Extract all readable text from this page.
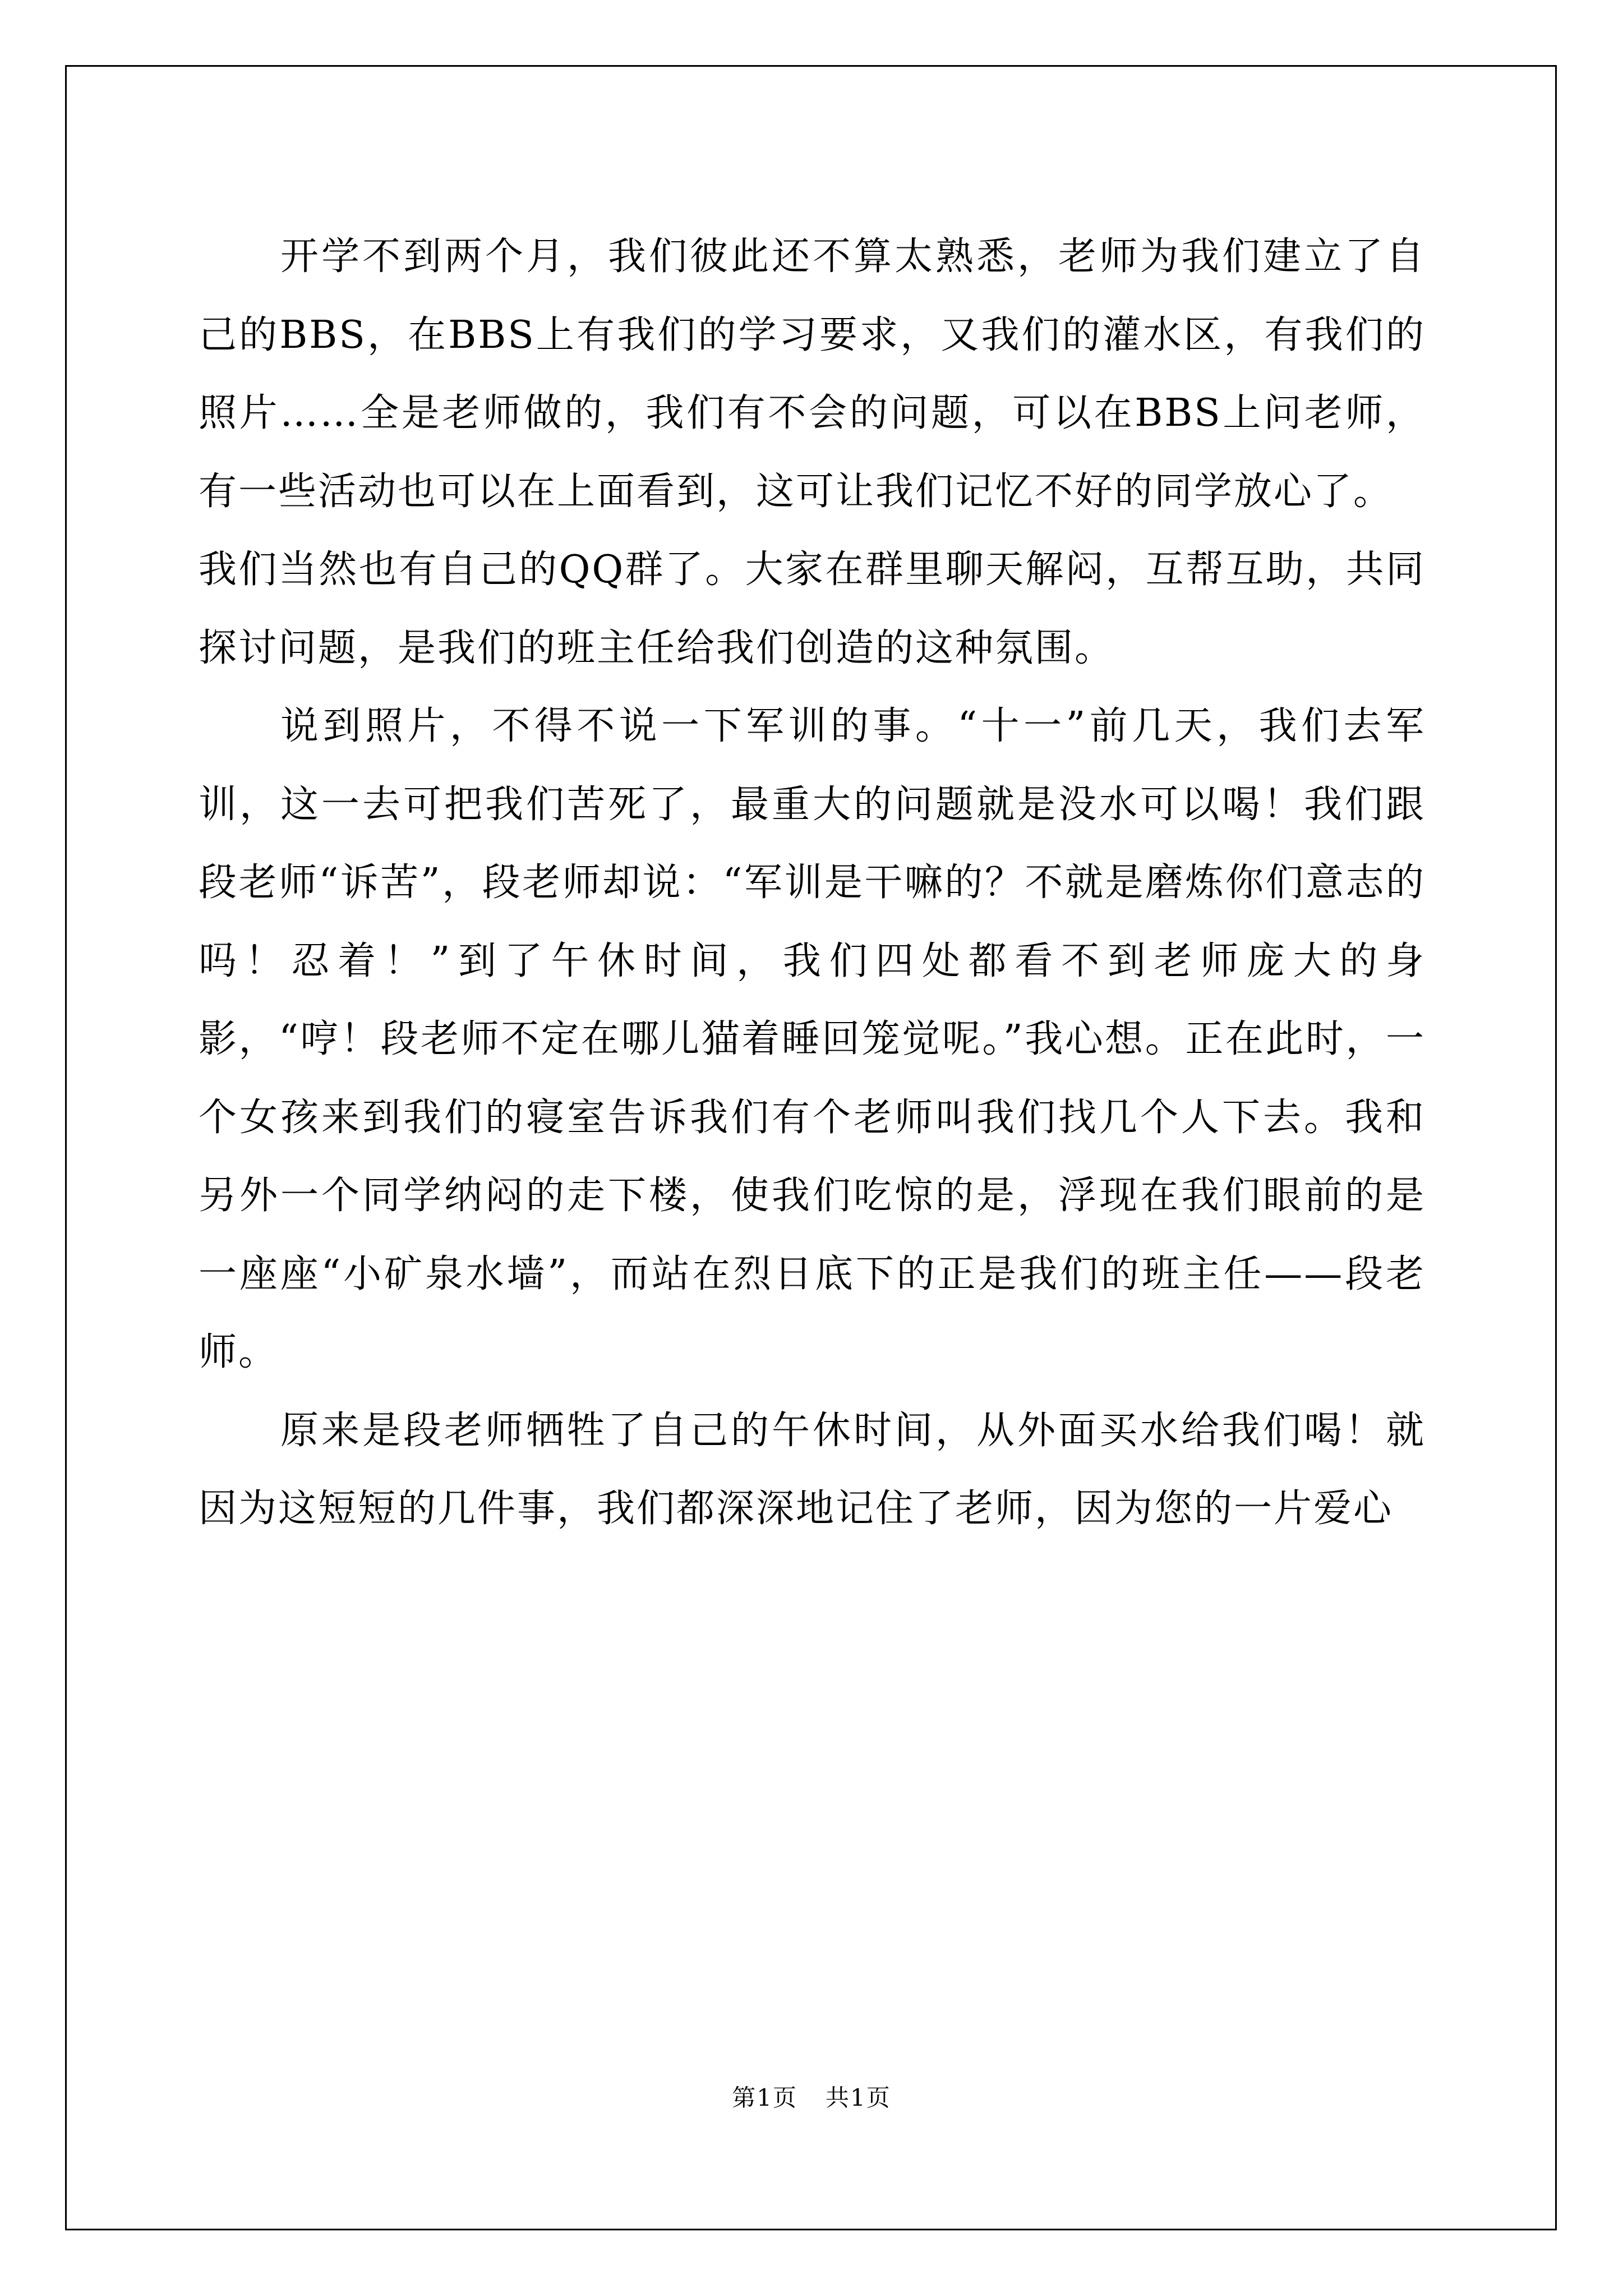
开学不到两个月，我们彼此还不算太熟悉，老师为我们建立了自己的BBS，在BBS上有我们的学习要求，又我们的灌水区，有我们的照片……全是老师做的，我们有不会的问题，可以在BBS上问老师，有一些活动也可以在上面看到，这可让我们记忆不好的同学放心了。

我们当然也有自己的QQ群了。大家在群里聊天解闷，互帮互助，共同探讨问题，是我们的班主任给我们创造的这种氛围。

说到照片，不得不说一下军训的事。“十一”前几天，我们去军训，这一去可把我们苦死了，最重大的问题就是没水可以喝！我们跟段老师“诉苦”，段老师却说：“军训是干嘛的？不就是磨炼你们意志的吗！忍着！”到了午休时间，我们四处都看不到老师庞大的身影，“哼！段老师不定在哪儿猫着睡回笼觉呢。”我心想。正在此时，一个女孩来到我们的寝室告诉我们有个老师叫我们找几个人下去。我和另外一个同学纳闷的走下楼，使我们吃惊的是，浮现在我们眼前的是一座座“小矿泉水墙”，而站在烈日底下的正是我们的班主任——段老师。

原来是段老师牺牲了自己的午休时间，从外面买水给我们喝！就因为这短短的几件事，我们都深深地记住了老师，因为您的一片爱心

第1页 共1页
